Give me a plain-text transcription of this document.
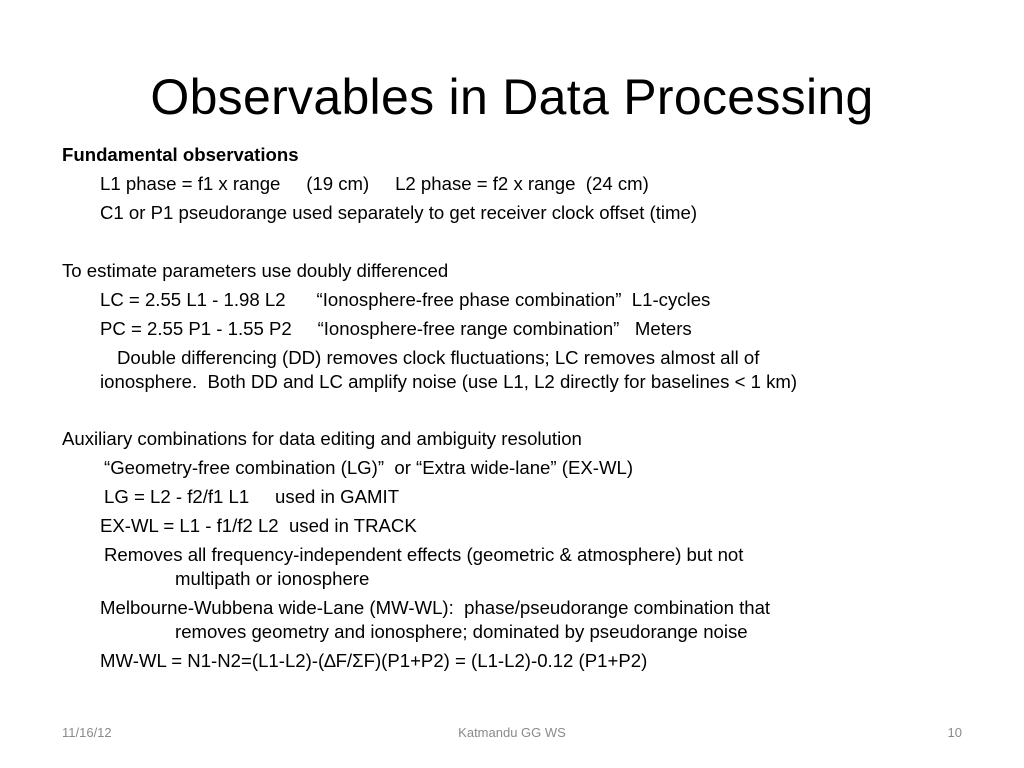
Observables in Data Processing
Fundamental observations
L1 phase = f1 x range     (19 cm)     L2 phase = f2 x range  (24 cm)
C1 or P1 pseudorange used separately to get receiver clock offset (time)
To estimate parameters use doubly differenced
LC = 2.55 L1 - 1.98 L2      “Ionosphere-free phase combination”  L1-cycles
PC = 2.55 P1 - 1.55 P2     “Ionosphere-free range combination”   Meters
Double differencing (DD) removes clock fluctuations; LC removes almost all of
ionosphere.  Both DD and LC amplify noise (use L1, L2 directly for baselines < 1 km)
Auxiliary combinations for data editing and ambiguity resolution
“Geometry-free combination (LG)”  or “Extra wide-lane” (EX-WL)
LG = L2 - f2/f1 L1     used in GAMIT
EX-WL = L1 - f1/f2 L2  used in TRACK
Removes all frequency-independent effects (geometric & atmosphere) but not
multipath or ionosphere
Melbourne-Wubbena wide-Lane (MW-WL):  phase/pseudorange combination that
removes geometry and ionosphere; dominated by pseudorange noise
MW-WL = N1-N2=(L1-L2)-(∆F/ΣF)(P1+P2) = (L1-L2)-0.12 (P1+P2)
11/16/12	Katmandu GG WS	10
